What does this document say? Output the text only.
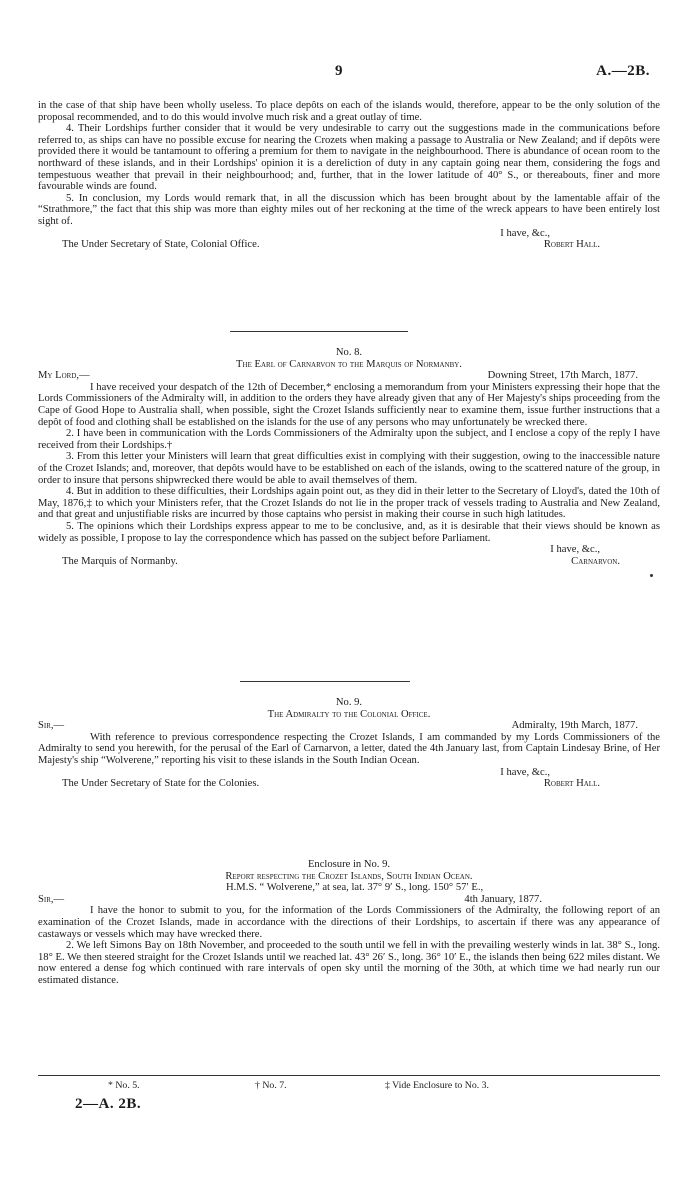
9	A.—2B.

in the case of that ship have been wholly useless. To place depôts on each of the islands would, therefore, appear to be the only solution of the proposal recommended, and to do this would involve much risk and a great outlay of time.

4. Their Lordships further consider that it would be very undesirable to carry out the suggestions made in the communications before referred to, as ships can have no possible excuse for nearing the Crozets when making a passage to Australia or New Zealand; and if depôts were provided there it would be tantamount to offering a premium for them to navigate in the neighbourhood. There is abundance of ocean room to the northward of these islands, and in their Lordships' opinion it is a dereliction of duty in any captain going near them, considering the fogs and tempestuous weather that prevail in their neighbourhood; and, further, that in the lower latitude of 40° S., or thereabouts, finer and more favourable winds are found.

5. In conclusion, my Lords would remark that, in all the discussion which has been brought about by the lamentable affair of the “Strathmore,” the fact that this ship was more than eighty miles out of her reckoning at the time of the wreck appears to have been entirely lost sight of.

I have, &c.,

The Under Secretary of State, Colonial Office.	Robert Hall.

No. 8.

The Earl of Carnarvon to the Marquis of Normanby.

My Lord,—	Downing Street, 17th March, 1877.

I have received your despatch of the 12th of December,* enclosing a memorandum from your Ministers expressing their hope that the Lords Commissioners of the Admiralty will, in addition to the orders they have already given that any of Her Majesty's ships proceeding from the Cape of Good Hope to Australia shall, when possible, sight the Crozet Islands sufficiently near to examine them, issue further instructions that a depôt of food and clothing shall be established on the islands for the use of any persons who may unfortunately be wrecked there.

2. I have been in communication with the Lords Commissioners of the Admiralty upon the subject, and I enclose a copy of the reply I have received from their Lordships.†

3. From this letter your Ministers will learn that great difficulties exist in complying with their suggestion, owing to the inaccessible nature of the Crozet Islands; and, moreover, that depôts would have to be established on each of the islands, owing to the scattered nature of the group, in order to insure that persons shipwrecked there would be able to avail themselves of them.

4. But in addition to these difficulties, their Lordships again point out, as they did in their letter to the Secretary of Lloyd's, dated the 10th of May, 1876,‡ to which your Ministers refer, that the Crozet Islands do not lie in the proper track of vessels trading to Australia and New Zealand, and that great and unjustifiable risks are incurred by those captains who persist in making their course in such high latitudes.

5. The opinions which their Lordships express appear to me to be conclusive, and, as it is desirable that their views should be known as widely as possible, I propose to lay the correspondence which has passed on the subject before Parliament.

I have, &c.,

The Marquis of Normanby.	Carnarvon.

No. 9.

The Admiralty to the Colonial Office.

Sir,—	Admiralty, 19th March, 1877.

With reference to previous correspondence respecting the Crozet Islands, I am commanded by my Lords Commissioners of the Admiralty to send you herewith, for the perusal of the Earl of Carnarvon, a letter, dated the 4th January last, from Captain Lindesay Brine, of Her Majesty's ship “Wolverene,” reporting his visit to these islands in the South Indian Ocean.

I have, &c.,

The Under Secretary of State for the Colonies.	Robert Hall.

Enclosure in No. 9.

Report respecting the Crozet Islands, South Indian Ocean.

H.M.S. “ Wolverene,” at sea, lat. 37° 9′ S., long. 150° 57′ E.,

Sir,—	4th January, 1877.

I have the honor to submit to you, for the information of the Lords Commissioners of the Admiralty, the following report of an examination of the Crozet Islands, made in accordance with the directions of their Lordships, to ascertain if there was any appearance of castaways or vessels which may have wrecked there.

2. We left Simons Bay on 18th November, and proceeded to the south until we fell in with the prevailing westerly winds in lat. 38° S., long. 18° E. We then steered straight for the Crozet Islands until we reached lat. 43° 26′ S., long. 36° 10′ E., the islands then being 622 miles distant. We now entered a dense fog which continued with rare intervals of open sky until the morning of the 30th, at which time we had nearly run our estimated distance.

* No. 5.	† No. 7.	‡ Vide Enclosure to No. 3.
2—A. 2B.
